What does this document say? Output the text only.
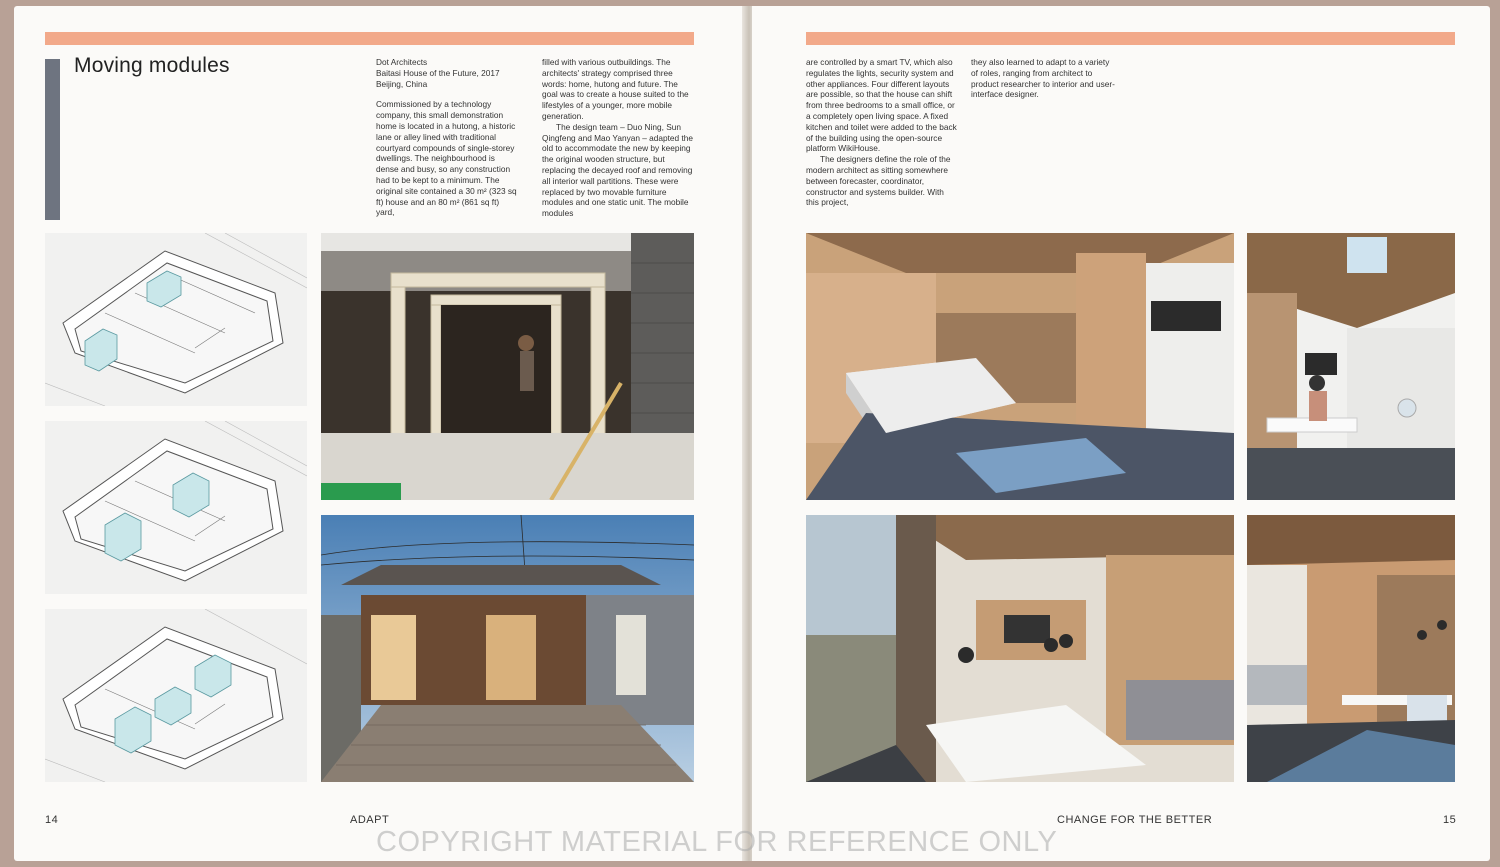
Moving modules	Dot Architects

Baitasi House of the Future, 2017

Beijing, China

Commissioned by a technology company, this small demonstration home is located in a hutong, a historic lane or alley lined with traditional courtyard compounds of single-storey dwellings. The neighbourhood is dense and busy, so any construction had to be kept to a minimum. The original site contained a 30 m² (323 sq ft) house and an 80 m² (861 sq ft) yard,

filled with various outbuildings. The architects' strategy comprised three words: home, hutong and future. The goal was to create a house suited to the lifestyles of a younger, more mobile generation.

The design team – Duo Ning, Sun Qingfeng and Mao Yanyan – adapted the old to accommodate the new by keeping the original wooden structure, but replacing the decayed roof and removing all interior wall partitions. These were replaced by two movable furniture modules and one static unit. The mobile modules

14	ADAPT

are controlled by a smart TV, which also regulates the lights, security system and other appliances. Four different layouts are possible, so that the house can shift from three bedrooms to a small office, or a completely open living space. A fixed kitchen and toilet were added to the back of the building using the open-source platform WikiHouse.

The designers define the role of the modern architect as sitting somewhere between forecaster, coordinator, constructor and systems builder. With this project,

they also learned to adapt to a variety of roles, ranging from architect to product researcher to interior and user-interface designer.

CHANGE FOR THE BETTER	15
COPYRIGHT MATERIAL FOR REFERENCE ONLY
